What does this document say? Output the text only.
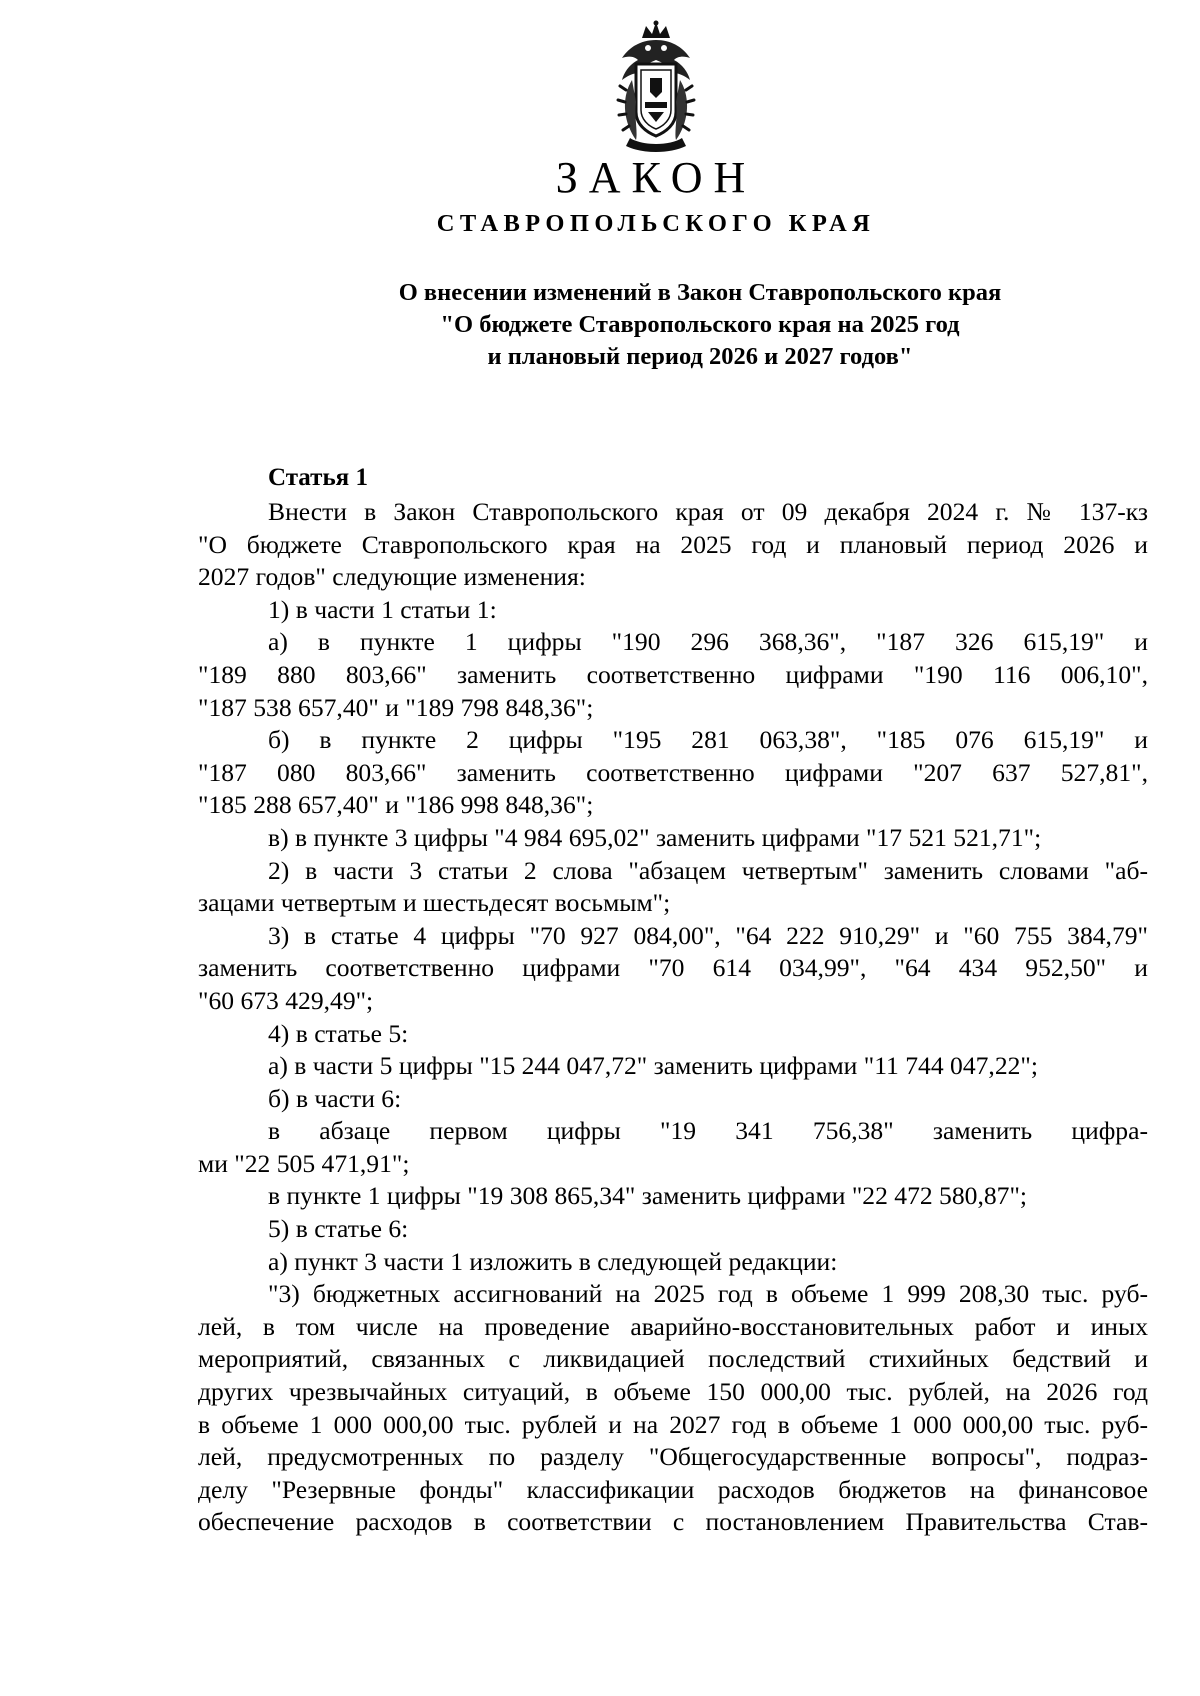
ЗАКОН
СТАВРОПОЛЬСКОГО КРАЯ
О внесении изменений в Закон Ставропольского края
"О бюджете Ставропольского края на 2025 год
и плановый период 2026 и 2027 годов"
Статья 1
Внести в Закон Ставропольского края от 09 декабря 2024 г. № 137-кз
"О бюджете Ставропольского края на 2025 год и плановый период 2026 и
2027 годов" следующие изменения:
1) в части 1 статьи 1:
а) в пункте 1 цифры "190 296 368,36", "187 326 615,19" и
"189 880 803,66" заменить соответственно цифрами "190 116 006,10",
"187 538 657,40" и "189 798 848,36";
б) в пункте 2 цифры "195 281 063,38", "185 076 615,19" и
"187 080 803,66" заменить соответственно цифрами "207 637 527,81",
"185 288 657,40" и "186 998 848,36";
в) в пункте 3 цифры "4 984 695,02" заменить цифрами "17 521 521,71";
2) в части 3 статьи 2 слова "абзацем четвертым" заменить словами "аб-
зацами четвертым и шестьдесят восьмым";
3) в статье 4 цифры "70 927 084,00", "64 222 910,29" и "60 755 384,79"
заменить соответственно цифрами "70 614 034,99", "64 434 952,50" и
"60 673 429,49";
4) в статье 5:
а) в части 5 цифры "15 244 047,72" заменить цифрами "11 744 047,22";
б) в части 6:
в абзаце первом цифры "19 341 756,38" заменить цифра-
ми "22 505 471,91";
в пункте 1 цифры "19 308 865,34" заменить цифрами "22 472 580,87";
5) в статье 6:
а) пункт 3 части 1 изложить в следующей редакции:
"3) бюджетных ассигнований на 2025 год в объеме 1 999 208,30 тыс. руб-
лей, в том числе на проведение аварийно-восстановительных работ и иных
мероприятий, связанных с ликвидацией последствий стихийных бедствий и
других чрезвычайных ситуаций, в объеме 150 000,00 тыс. рублей, на 2026 год
в объеме 1 000 000,00 тыс. рублей и на 2027 год в объеме 1 000 000,00 тыс. руб-
лей, предусмотренных по разделу "Общегосударственные вопросы", подраз-
делу "Резервные фонды" классификации расходов бюджетов на финансовое
обеспечение расходов в соответствии с постановлением Правительства Став-
